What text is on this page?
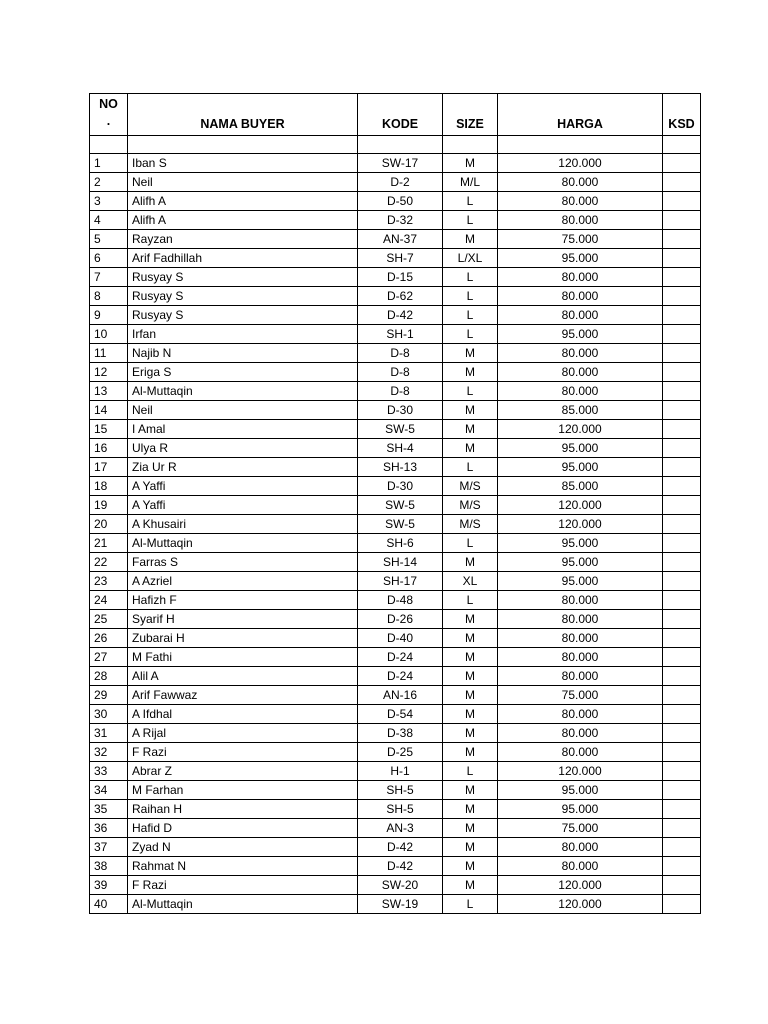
NO
.	NAMA BUYER	KODE	SIZE	HARGA	KSD

1	Iban S	SW-17	M	120.000	
2	Neil	D-2	M/L	80.000	
3	Alifh A	D-50	L	80.000	
4	Alifh A	D-32	L	80.000	
5	Rayzan	AN-37	M	75.000	
6	Arif Fadhillah	SH-7	L/XL	95.000	
7	Rusyay S	D-15	L	80.000	
8	Rusyay S	D-62	L	80.000	
9	Rusyay S	D-42	L	80.000	
10	Irfan	SH-1	L	95.000	
11	Najib N	D-8	M	80.000	
12	Eriga S	D-8	M	80.000	
13	Al-Muttaqin	D-8	L	80.000	
14	Neil	D-30	M	85.000	
15	I Amal	SW-5	M	120.000	
16	Ulya R	SH-4	M	95.000	
17	Zia Ur R	SH-13	L	95.000	
18	A Yaffi	D-30	M/S	85.000	
19	A Yaffi	SW-5	M/S	120.000	
20	A Khusairi	SW-5	M/S	120.000	
21	Al-Muttaqin	SH-6	L	95.000	
22	Farras S	SH-14	M	95.000	
23	A Azriel	SH-17	XL	95.000	
24	Hafizh F	D-48	L	80.000	
25	Syarif H	D-26	M	80.000	
26	Zubarai H	D-40	M	80.000	
27	M Fathi	D-24	M	80.000	
28	Alil A	D-24	M	80.000	
29	Arif Fawwaz	AN-16	M	75.000	
30	A Ifdhal	D-54	M	80.000	
31	A Rijal	D-38	M	80.000	
32	F Razi	D-25	M	80.000	
33	Abrar Z	H-1	L	120.000	
34	M Farhan	SH-5	M	95.000	
35	Raihan H	SH-5	M	95.000	
36	Hafid D	AN-3	M	75.000	
37	Zyad N	D-42	M	80.000	
38	Rahmat N	D-42	M	80.000	
39	F Razi	SW-20	M	120.000	
40	Al-Muttaqin	SW-19	L	120.000	
